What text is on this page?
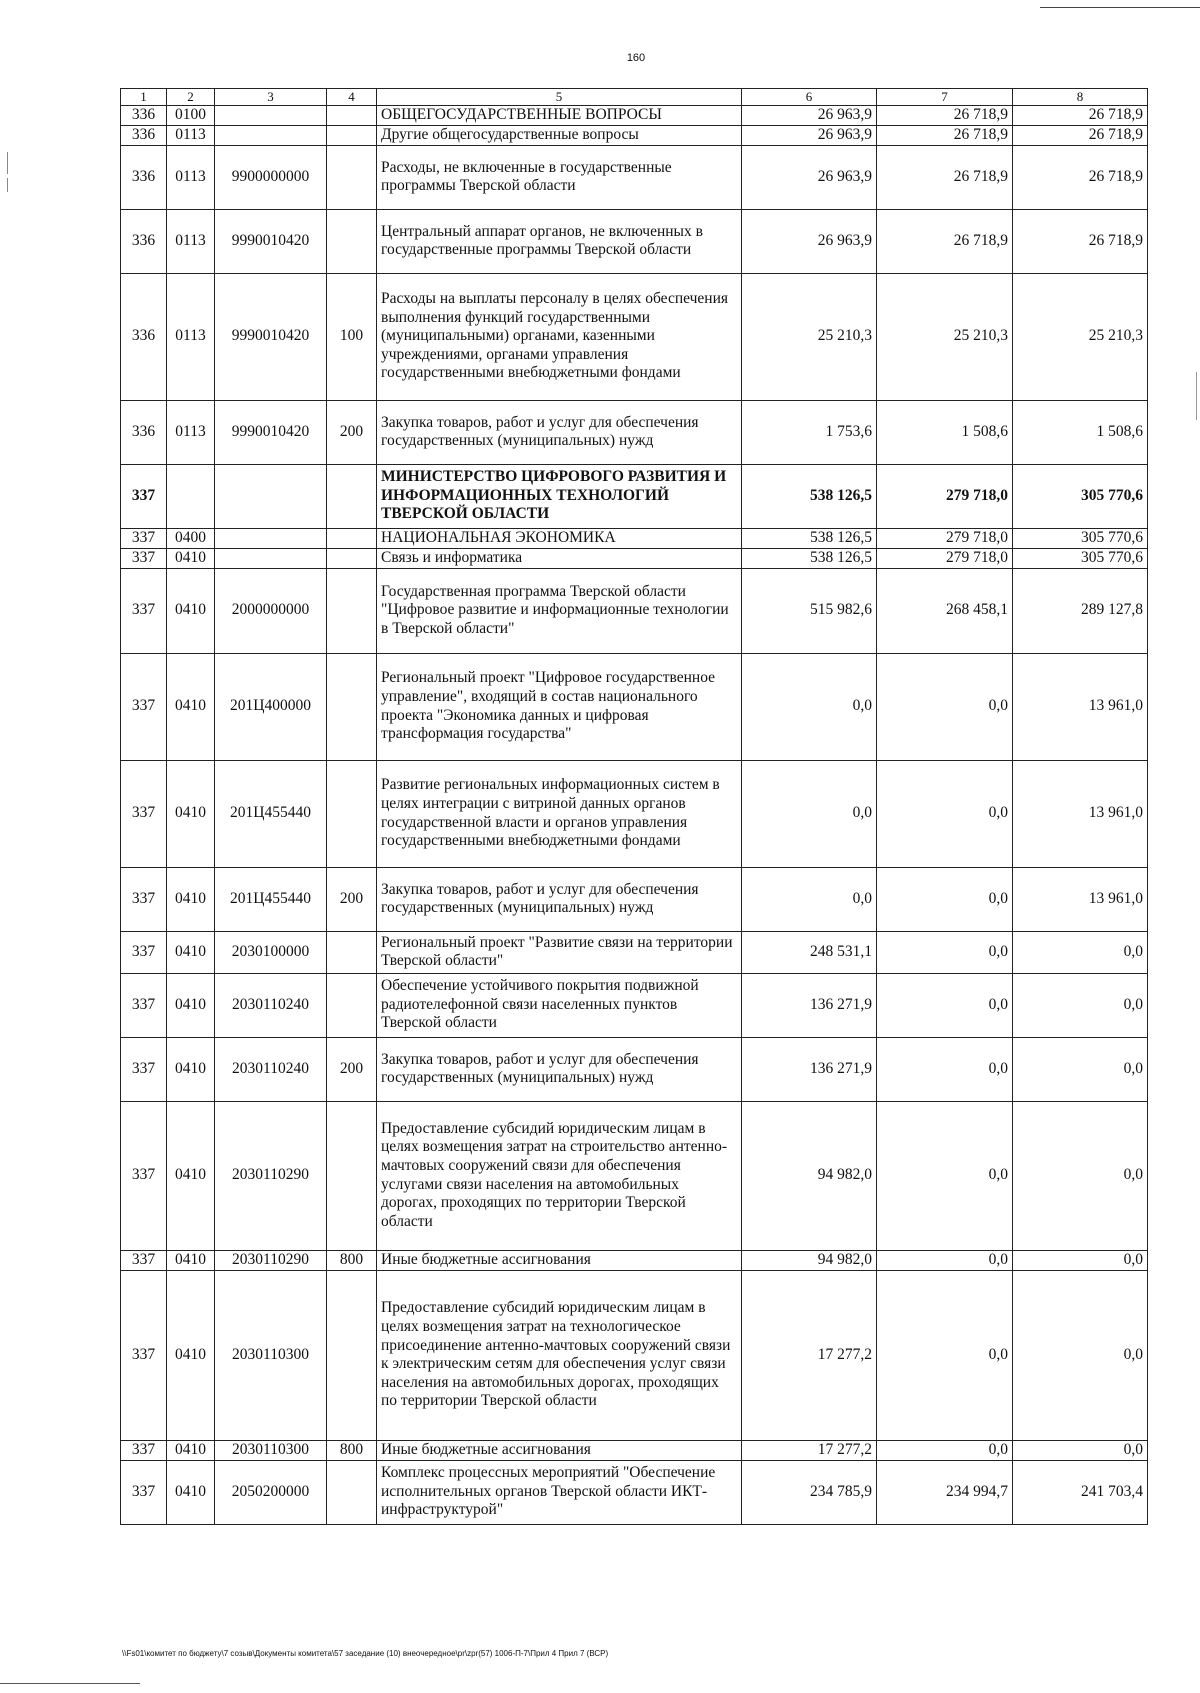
160
1	2	3	4	5	6	7	8
336	0100			ОБЩЕГОСУДАРСТВЕННЫЕ ВОПРОСЫ	26 963,9	26 718,9	26 718,9
336	0113			Другие общегосударственные вопросы	26 963,9	26 718,9	26 718,9
336	0113	9900000000		Расходы, не включенные в государственные программы Тверской области	26 963,9	26 718,9	26 718,9
336	0113	9990010420		Центральный аппарат органов, не включенных в государственные программы Тверской области	26 963,9	26 718,9	26 718,9
336	0113	9990010420	100	Расходы на выплаты персоналу в целях обеспечения выполнения функций государственными (муниципальными) органами, казенными учреждениями, органами управления государственными внебюджетными фондами	25 210,3	25 210,3	25 210,3
336	0113	9990010420	200	Закупка товаров, работ и услуг для обеспечения государственных (муниципальных) нужд	1 753,6	1 508,6	1 508,6
337				МИНИСТЕРСТВО ЦИФРОВОГО РАЗВИТИЯ И ИНФОРМАЦИОННЫХ ТЕХНОЛОГИЙ ТВЕРСКОЙ ОБЛАСТИ	538 126,5	279 718,0	305 770,6
337	0400			НАЦИОНАЛЬНАЯ ЭКОНОМИКА	538 126,5	279 718,0	305 770,6
337	0410			Связь и информатика	538 126,5	279 718,0	305 770,6
337	0410	2000000000		Государственная программа Тверской области "Цифровое развитие и информационные технологии в Тверской области"	515 982,6	268 458,1	289 127,8
337	0410	201Ц400000		Региональный проект "Цифровое государственное управление", входящий в состав национального проекта "Экономика данных и цифровая трансформация государства"	0,0	0,0	13 961,0
337	0410	201Ц455440		Развитие региональных информационных систем в целях интеграции с витриной данных органов государственной власти и органов управления государственными внебюджетными фондами	0,0	0,0	13 961,0
337	0410	201Ц455440	200	Закупка товаров, работ и услуг для обеспечения государственных (муниципальных) нужд	0,0	0,0	13 961,0
337	0410	2030100000		Региональный проект "Развитие связи на территории Тверской области"	248 531,1	0,0	0,0
337	0410	2030110240		Обеспечение устойчивого покрытия подвижной радиотелефонной связи населенных пунктов Тверской области	136 271,9	0,0	0,0
337	0410	2030110240	200	Закупка товаров, работ и услуг для обеспечения государственных (муниципальных) нужд	136 271,9	0,0	0,0
337	0410	2030110290		Предоставление субсидий юридическим лицам в целях возмещения затрат на строительство антенно-мачтовых сооружений связи для обеспечения услугами связи населения на автомобильных дорогах, проходящих по территории Тверской области	94 982,0	0,0	0,0
337	0410	2030110290	800	Иные бюджетные ассигнования	94 982,0	0,0	0,0
337	0410	2030110300		Предоставление субсидий юридическим лицам в целях возмещения затрат на технологическое присоединение антенно-мачтовых сооружений связи к электрическим сетям для обеспечения услуг связи населения на автомобильных дорогах, проходящих по территории Тверской области	17 277,2	0,0	0,0
337	0410	2030110300	800	Иные бюджетные ассигнования	17 277,2	0,0	0,0
337	0410	2050200000		Комплекс процессных мероприятий "Обеспечение исполнительных органов Тверской области ИКТ-инфраструктурой"	234 785,9	234 994,7	241 703,4
\\Fs01\комитет по бюджету\7 созыв\Документы комитета\57 заседание (10) внеочередное\pr\zpr(57) 1006-П-7\Прил 4 Прил 7 (ВСР)
